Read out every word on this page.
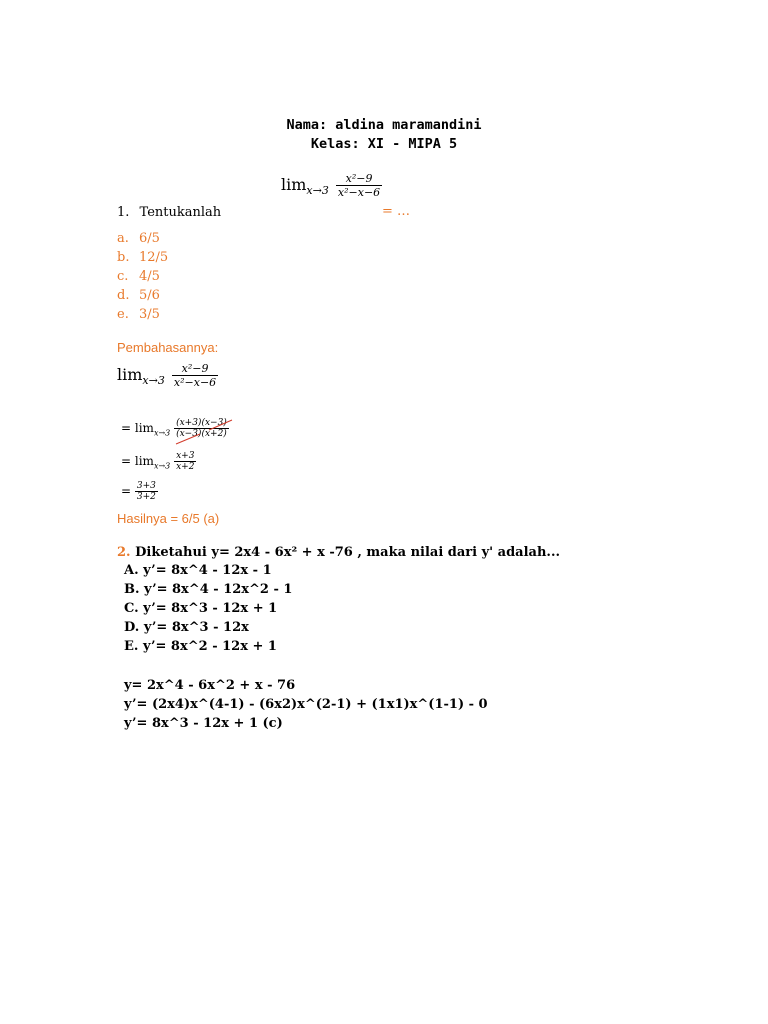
Nama: aldina maramandini
Kelas: XI - MIPA 5
$\lim_{x\to 3} \frac{\text{x²−9}}{\text{x²−x−6}}$
1. Tentukanlah	= …
a. 6/5
b. 12/5
c. 4/5
d. 5/6
e. 3/5
Pembahasannya:
$\lim_{x\to 3} \frac{\text{x²−9}}{\text{x²−x−6}}$
= $\lim_{x\to 3} \frac{(x+3)(x-3)}{(x-3)(x+2)}$
= $\lim_{x\to 3} \frac{x+3}{x+2}$
= $\frac{3+3}{3+2}$
Hasilnya = 6/5 (a)
2. Diketahui y= 2x4 - 6x² + x -76 , maka nilai dari y' adalah...
A. y’= 8x^4 - 12x - 1
B. y’= 8x^4 - 12x^2 - 1
C. y’= 8x^3 - 12x + 1
D. y’= 8x^3 - 12x
E. y’= 8x^2 - 12x + 1
y= 2x^4 - 6x^2 + x - 76
y’= (2x4)x^(4-1) - (6x2)x^(2-1) + (1x1)x^(1-1) - 0
y’= 8x^3 - 12x + 1 (c)
